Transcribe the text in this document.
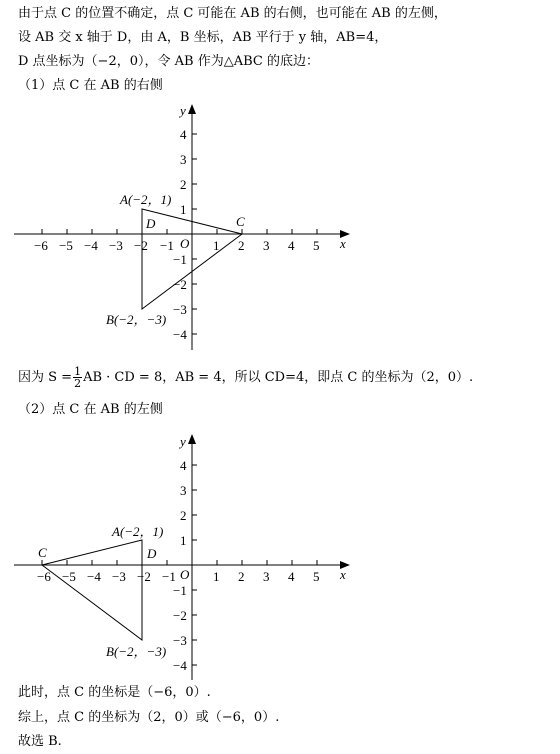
由于点 C 的位置不确定，点 C 可能在 AB 的右侧，也可能在 AB 的左侧，
设 AB 交 x 轴于 D，由 A，B 坐标，AB 平行于 y 轴，AB=4，
D 点坐标为（−2，0），令 AB 作为△ABC 的底边：
（1）点 C 在 AB 的右侧
−6 −5 −4 −3 −2 −1	1 2 3 4 5
4
3
2
1
−1
−2
−3
−4
x
y
O
A(−2，1)
B(−2，−3)
C
D
因为 $S = \frac{1}{2}$ AB · CD = 8，AB = 4，所以 CD=4，即点 C 的坐标为（2，0）.
（2）点 C 在 AB 的左侧
−6 −5 −4 −3 −2 −1	1 2 3 4 5
4
3
2
1
−1
−2
−3
−4
x
y
O
A(−2，1)
B(−2，−3)
C	D
此时，点 C 的坐标是（−6，0）.
综上，点 C 的坐标为（2，0）或（−6，0）.
故选 B.
